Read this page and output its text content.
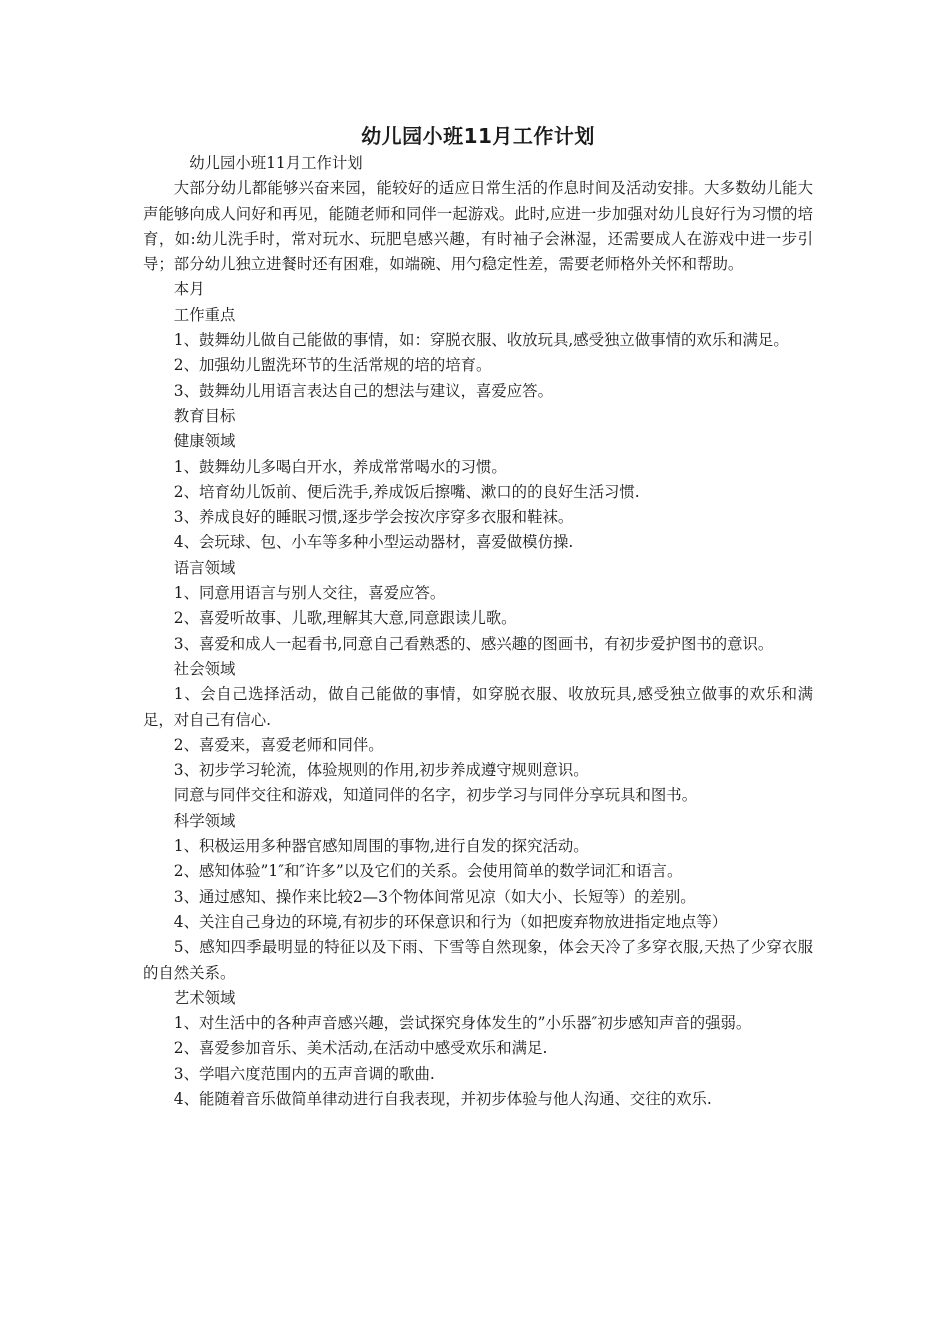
幼儿园小班11月工作计划

幼儿园小班11月工作计划

大部分幼儿都能够兴奋来园，能较好的适应日常生活的作息时间及活动安排。大多数幼儿能大声能够向成人问好和再见，能随老师和同伴一起游戏。此时,应进一步加强对幼儿良好行为习惯的培育，如:幼儿洗手时，常对玩水、玩肥皂感兴趣，有时袖子会淋湿，还需要成人在游戏中进一步引导；部分幼儿独立进餐时还有困难，如端碗、用勺稳定性差，需要老师格外关怀和帮助。

本月

工作重点

1、鼓舞幼儿做自己能做的事情，如：穿脱衣服、收放玩具,感受独立做事情的欢乐和满足。

2、加强幼儿盥洗环节的生活常规的培的培育。

3、鼓舞幼儿用语言表达自己的想法与建议，喜爱应答。

教育目标

健康领域

1、鼓舞幼儿多喝白开水，养成常常喝水的习惯。

2、培育幼儿饭前、便后洗手,养成饭后擦嘴、漱口的的良好生活习惯.

3、养成良好的睡眠习惯,逐步学会按次序穿多衣服和鞋袜。

4、会玩球、包、小车等多种小型运动器材，喜爱做模仿操.

语言领域

1、同意用语言与别人交往，喜爱应答。

2、喜爱听故事、儿歌,理解其大意,同意跟读儿歌。

3、喜爱和成人一起看书,同意自己看熟悉的、感兴趣的图画书，有初步爱护图书的意识。

社会领域

1、会自己选择活动，做自己能做的事情，如穿脱衣服、收放玩具,感受独立做事的欢乐和满足，对自己有信心.

2、喜爱来，喜爱老师和同伴。

3、初步学习轮流，体验规则的作用,初步养成遵守规则意识。

同意与同伴交往和游戏，知道同伴的名字，初步学习与同伴分享玩具和图书。

科学领域

1、积极运用多种器官感知周围的事物,进行自发的探究活动。

2、感知体验”1″和″许多”以及它们的关系。会使用简单的数学词汇和语言。

3、通过感知、操作来比较2—3个物体间常见凉（如大小、长短等）的差别。

4、关注自己身边的环境,有初步的环保意识和行为（如把废弃物放进指定地点等）

5、感知四季最明显的特征以及下雨、下雪等自然现象，体会天冷了多穿衣服,天热了少穿衣服的自然关系。

艺术领域

1、对生活中的各种声音感兴趣，尝试探究身体发生的”小乐器″初步感知声音的强弱。

2、喜爱参加音乐、美术活动,在活动中感受欢乐和满足.

3、学唱六度范围内的五声音调的歌曲.

4、能随着音乐做简单律动进行自我表现，并初步体验与他人沟通、交往的欢乐.
